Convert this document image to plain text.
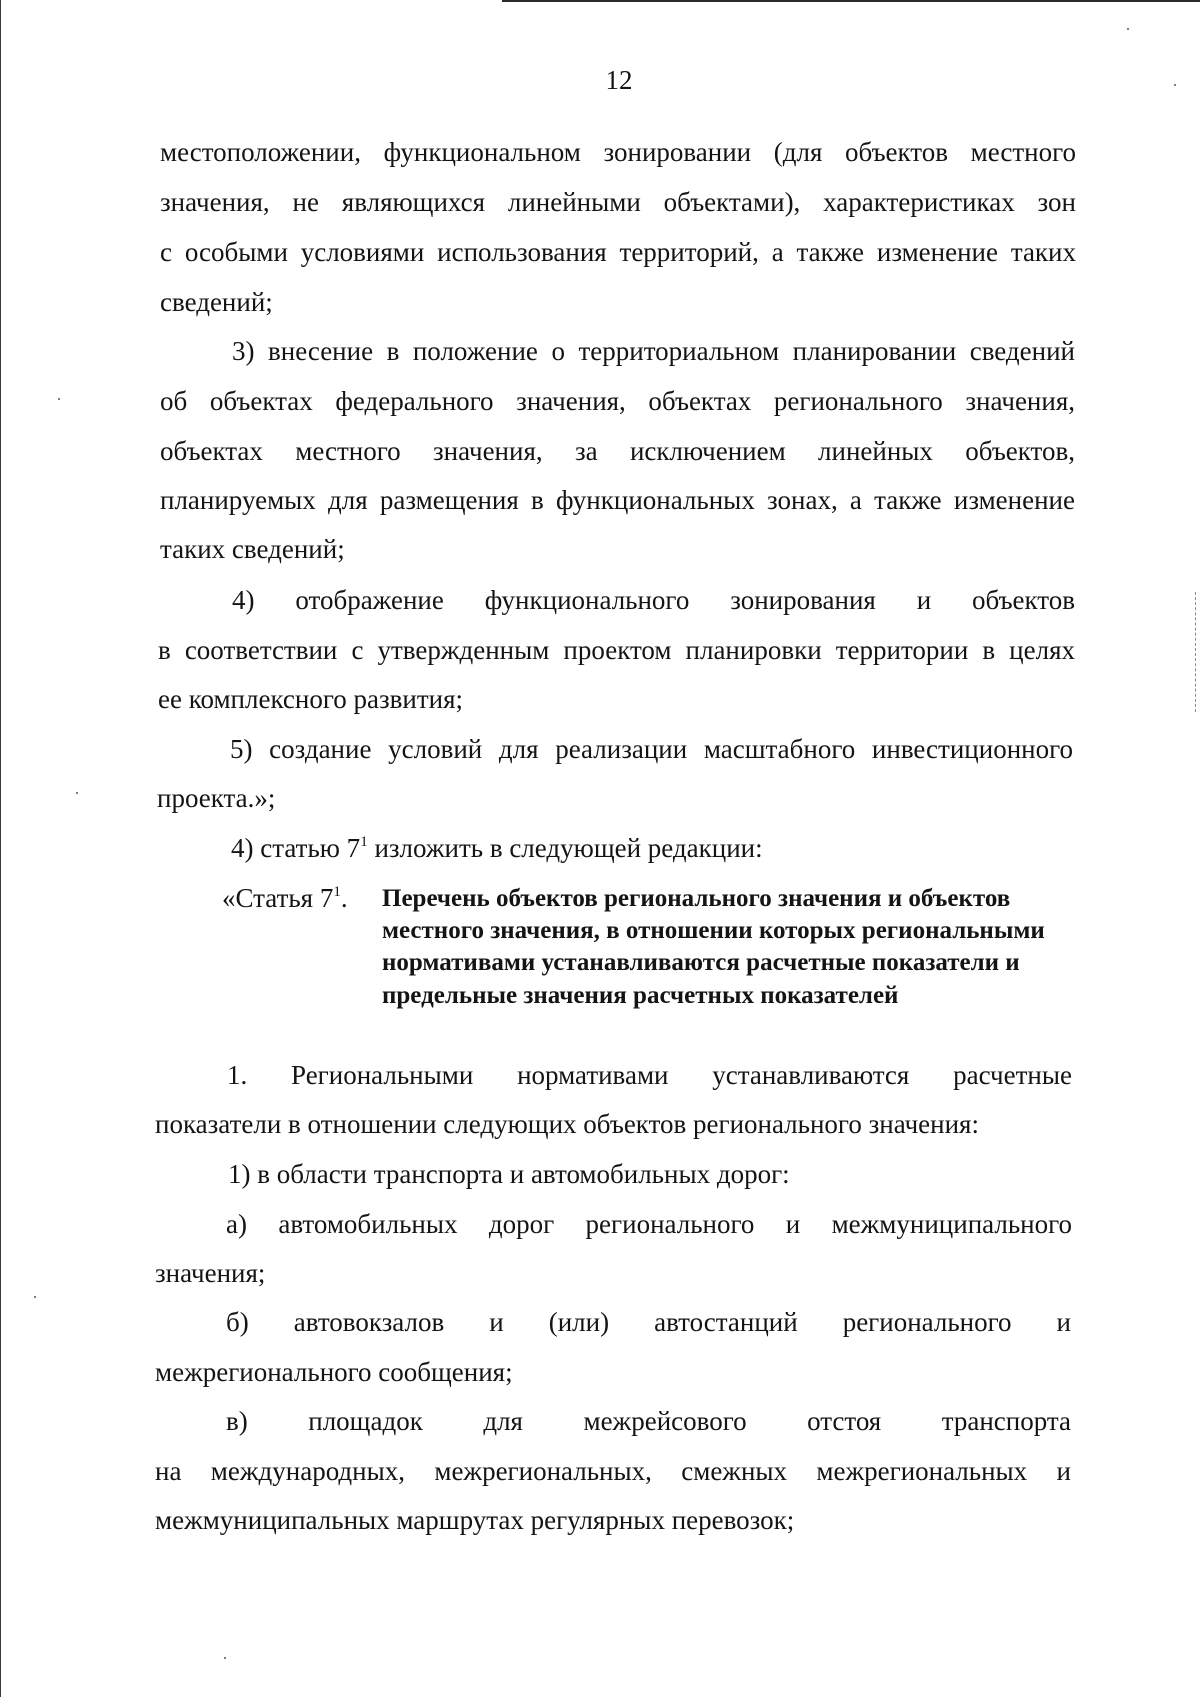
12
местоположении, функциональном зонировании (для объектов местного
значения, не являющихся линейными объектами), характеристиках зон
с особыми условиями использования территорий, а также изменение таких
сведений;
3) внесение в положение о территориальном планировании сведений
об объектах федерального значения, объектах регионального значения,
объектах местного значения, за исключением линейных объектов,
планируемых для размещения в функциональных зонах, а также изменение
таких сведений;
4) отображение функционального зонирования и объектов
в соответствии с утвержденным проектом планировки территории в целях
ее комплексного развития;
5) создание условий для реализации масштабного инвестиционного
проекта.»;
4) статью $7^1$ изложить в следующей редакции:
«Статья $7^1$. Перечень объектов регионального значения и объектов местного значения, в отношении которых региональными нормативами устанавливаются расчетные показатели и предельные значения расчетных показателей
1. Региональными нормативами устанавливаются расчетные
показатели в отношении следующих объектов регионального значения:
1) в области транспорта и автомобильных дорог:
а) автомобильных дорог регионального и межмуниципального
значения;
б) автовокзалов и (или) автостанций регионального и
межрегионального сообщения;
в) площадок для межрейсового отстоя транспорта
на международных, межрегиональных, смежных межрегиональных и
межмуниципальных маршрутах регулярных перевозок;
